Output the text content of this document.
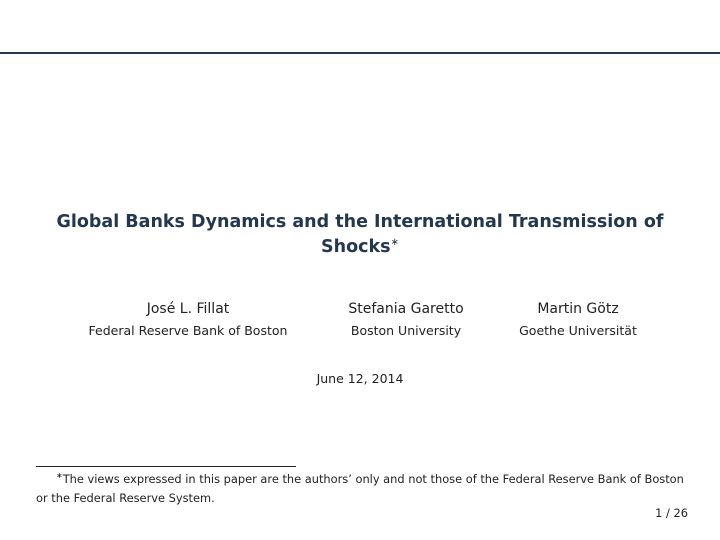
Global Banks Dynamics and the International Transmission of Shocks∗
José L. Fillat
Federal Reserve Bank of Boston
Stefania Garetto
Boston University
Martin Götz
Goethe Universität
June 12, 2014
∗The views expressed in this paper are the authors’ only and not those of the Federal Reserve Bank of Boston or the Federal Reserve System.
1 / 26
